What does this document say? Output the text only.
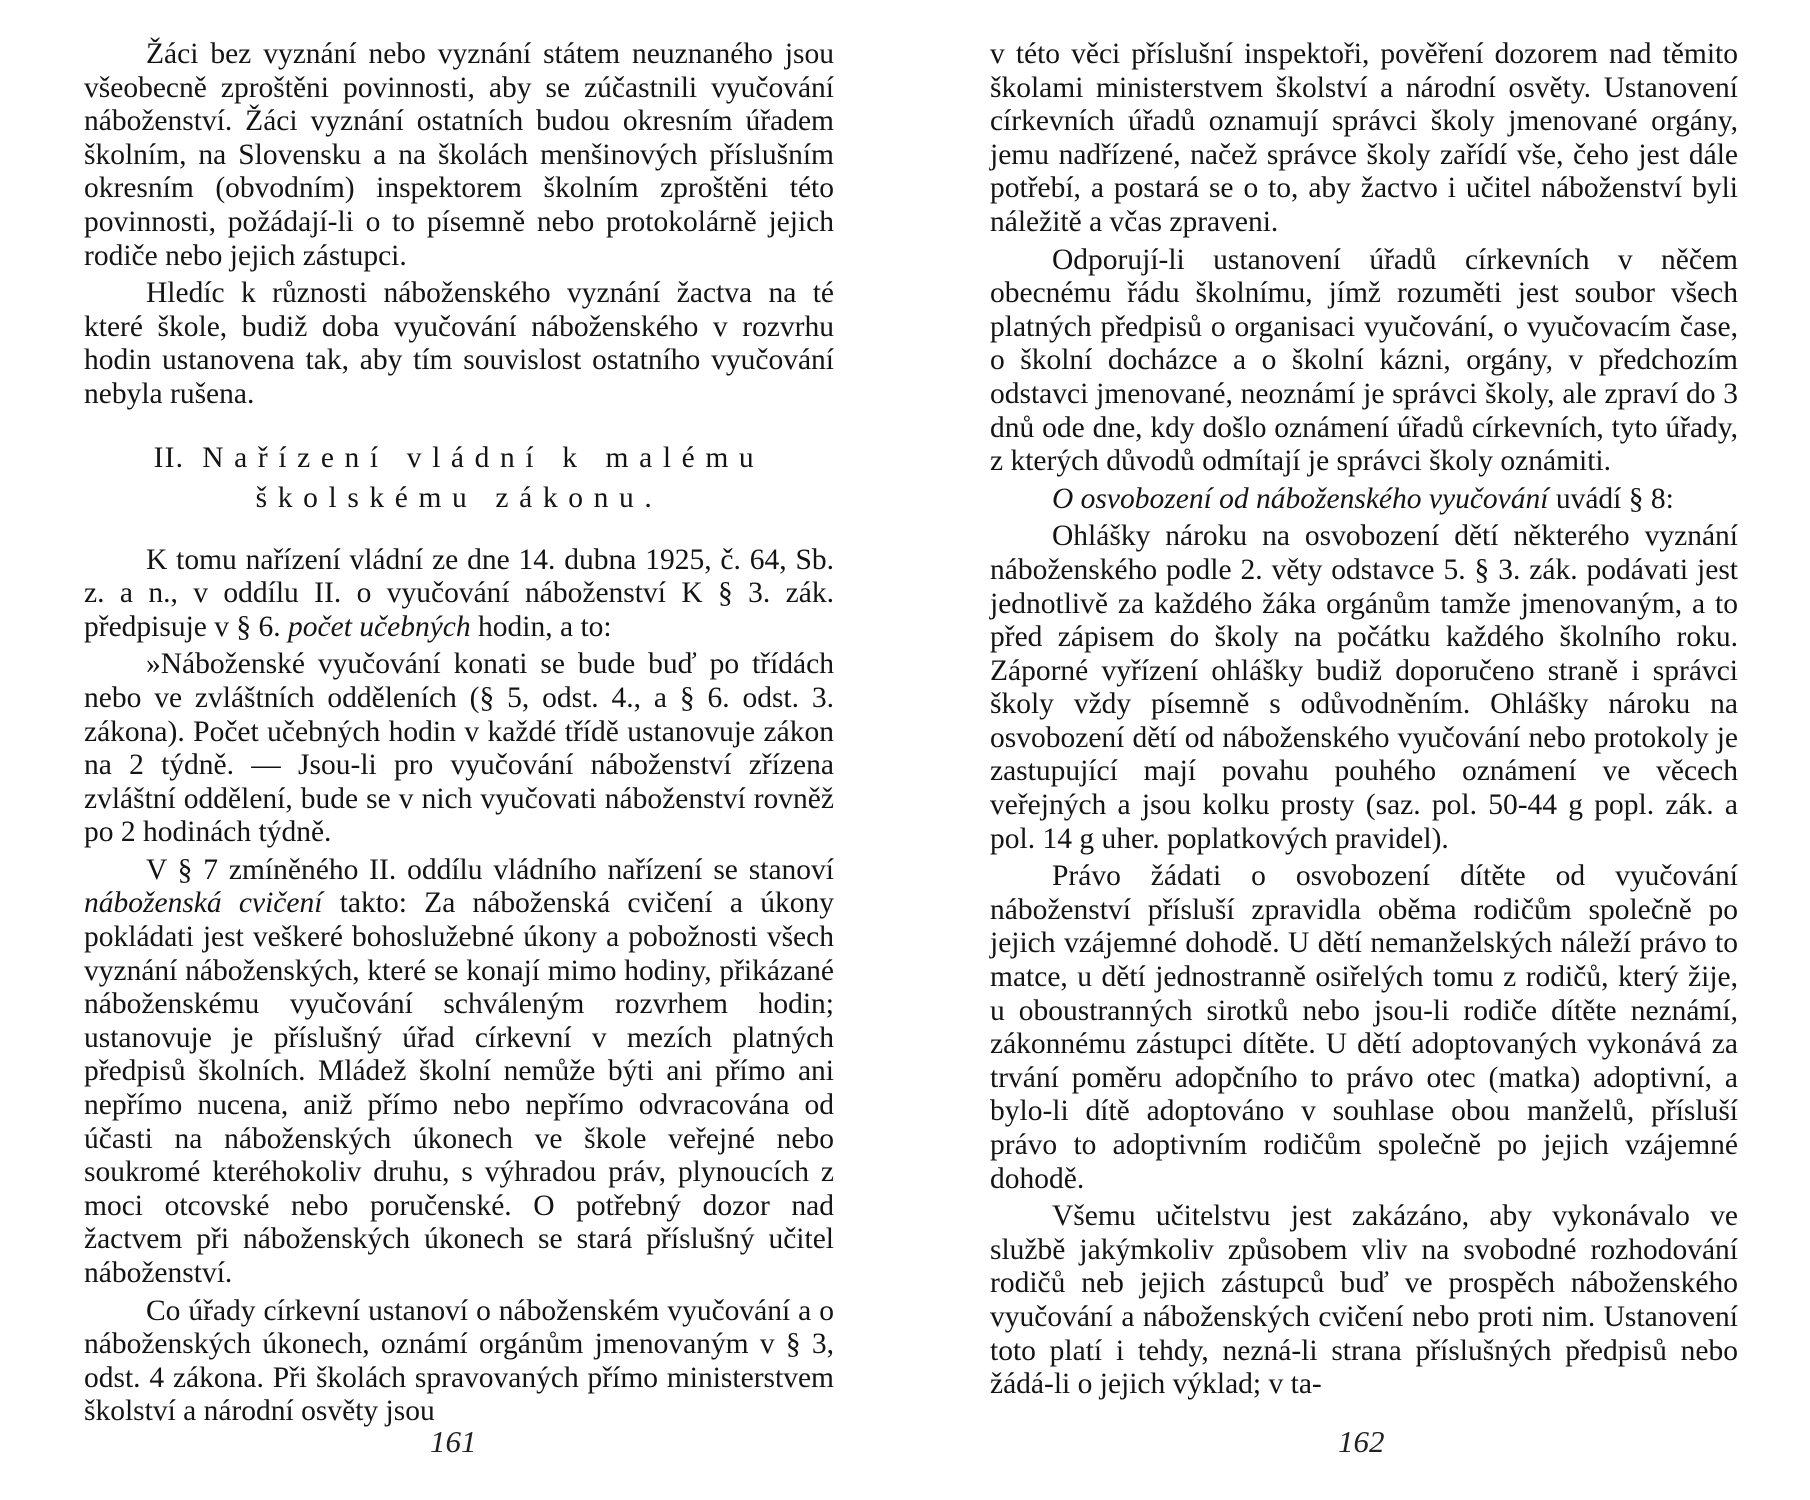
Žáci bez vyznání nebo vyznání státem neuznaného jsou všeobecně zproštěni povinnosti, aby se zúčastnili vyučování náboženství. Žáci vyznání ostatních budou okresním úřadem školním, na Slovensku a na školách menšinových příslušním okresním (obvodním) inspektorem školním zproštěni této povinnosti, požádají-li o to písemně nebo protokolárně jejich rodiče nebo jejich zástupci.

Hledíc k různosti náboženského vyznání žactva na té které škole, budiž doba vyučování náboženského v rozvrhu hodin ustanovena tak, aby tím souvislost ostatního vyučování nebyla rušena.

II. Nařízení vládní k malému školskému zákonu.

K tomu nařízení vládní ze dne 14. dubna 1925, č. 64, Sb. z. a n., v oddílu II. o vyučování náboženství K § 3. zák. předpisuje v § 6. počet učebných hodin, a to:

»Náboženské vyučování konati se bude buď po třídách nebo ve zvláštních odděleních (§ 5, odst. 4., a § 6. odst. 3. zákona). Počet učebných hodin v každé třídě ustanovuje zákon na 2 týdně. — Jsou-li pro vyučování náboženství zřízena zvláštní oddělení, bude se v nich vyučovati náboženství rovněž po 2 hodinách týdně.

V § 7 zmíněného II. oddílu vládního nařízení se stanoví náboženská cvičení takto: Za náboženská cvičení a úkony pokládati jest veškeré bohoslužebné úkony a pobožnosti všech vyznání náboženských, které se konají mimo hodiny, přikázané náboženskému vyučování schváleným rozvrhem hodin; ustanovuje je příslušný úřad církevní v mezích platných předpisů školních. Mládež školní nemůže býti ani přímo ani nepřímo nucena, aniž přímo nebo nepřímo odvracována od účasti na náboženských úkonech ve škole veřejné nebo soukromé kteréhokoliv druhu, s výhradou práv, plynoucích z moci otcovské nebo poručenské. O potřebný dozor nad žactvem při náboženských úkonech se stará příslušný učitel náboženství.

Co úřady církevní ustanoví o náboženském vyučování a o náboženských úkonech, oznámí orgánům jmenovaným v § 3, odst. 4 zákona. Při školách spravovaných přímo ministerstvem školství a národní osvěty jsou

161

v této věci příslušní inspektoři, pověření dozorem nad těmito školami ministerstvem školství a národní osvěty. Ustanovení církevních úřadů oznamují správci školy jmenované orgány, jemu nadřízené, načež správce školy zařídí vše, čeho jest dále potřebí, a postará se o to, aby žactvo i učitel náboženství byli náležitě a včas zpraveni.

Odporují-li ustanovení úřadů církevních v něčem obecnému řádu školnímu, jímž rozuměti jest soubor všech platných předpisů o organisaci vyučování, o vyučovacím čase, o školní docházce a o školní kázni, orgány, v předchozím odstavci jmenované, neoznámí je správci školy, ale zpraví do 3 dnů ode dne, kdy došlo oznámení úřadů církevních, tyto úřady, z kterých důvodů odmítají je správci školy oznámiti.

O osvobození od náboženského vyučování uvádí § 8:

Ohlášky nároku na osvobození dětí některého vyznání náboženského podle 2. věty odstavce 5. § 3. zák. podávati jest jednotlivě za každého žáka orgánům tamže jmenovaným, a to před zápisem do školy na počátku každého školního roku. Záporné vyřízení ohlášky budiž doporučeno straně i správci školy vždy písemně s odůvodněním. Ohlášky nároku na osvobození dětí od náboženského vyučování nebo protokoly je zastupující mají povahu pouhého oznámení ve věcech veřejných a jsou kolku prosty (saz. pol. 50-44 g popl. zák. a pol. 14 g uher. poplatkových pravidel).

Právo žádati o osvobození dítěte od vyučování náboženství přísluší zpravidla oběma rodičům společně po jejich vzájemné dohodě. U dětí nemanželských náleží právo to matce, u dětí jednostranně osiřelých tomu z rodičů, který žije, u oboustranných sirotků nebo jsou-li rodiče dítěte neznámí, zákonnému zástupci dítěte. U dětí adoptovaných vykonává za trvání poměru adopčního to právo otec (matka) adoptivní, a bylo-li dítě adoptováno v souhlase obou manželů, přísluší právo to adoptivním rodičům společně po jejich vzájemné dohodě.

Všemu učitelstvu jest zakázáno, aby vykonávalo ve službě jakýmkoliv způsobem vliv na svobodné rozhodování rodičů neb jejich zástupců buď ve prospěch náboženského vyučování a náboženských cvičení nebo proti nim. Ustanovení toto platí i tehdy, nezná-li strana příslušných předpisů nebo žádá-li o jejich výklad; v ta-

162
